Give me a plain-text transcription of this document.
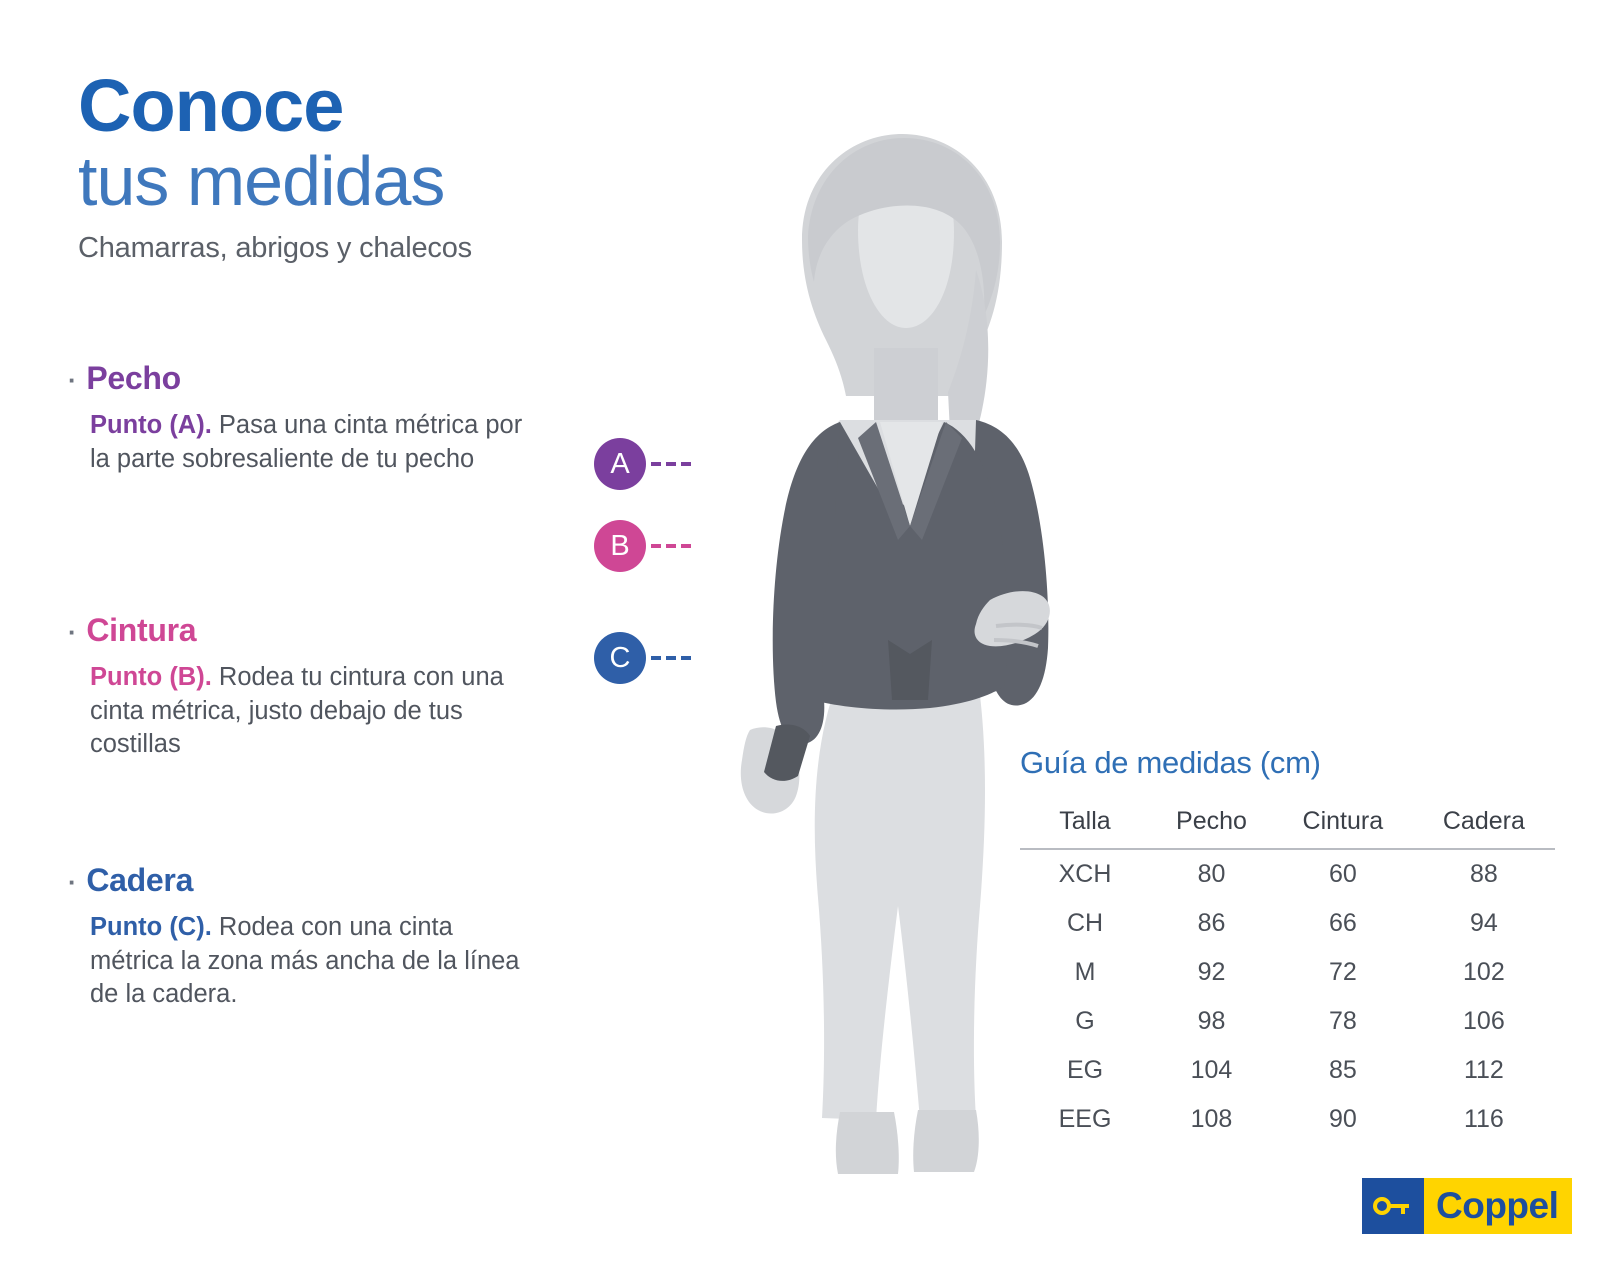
Conoce
tus medidas
Chamarras, abrigos y chalecos
· Pecho
Punto (A). Pasa una cinta métrica por la parte sobresaliente de tu pecho
· Cintura
Punto (B). Rodea tu cintura con una cinta métrica, justo debajo de tus costillas
· Cadera
Punto (C). Rodea con una cinta métrica la zona más ancha de la línea de la cadera.
A
B
C
Guía de medidas (cm)
Talla	Pecho	Cintura	Cadera
XCH	80	60	88
CH	86	66	94
M	92	72	102
G	98	78	106
EG	104	85	112
EEG	108	90	116
Coppel
